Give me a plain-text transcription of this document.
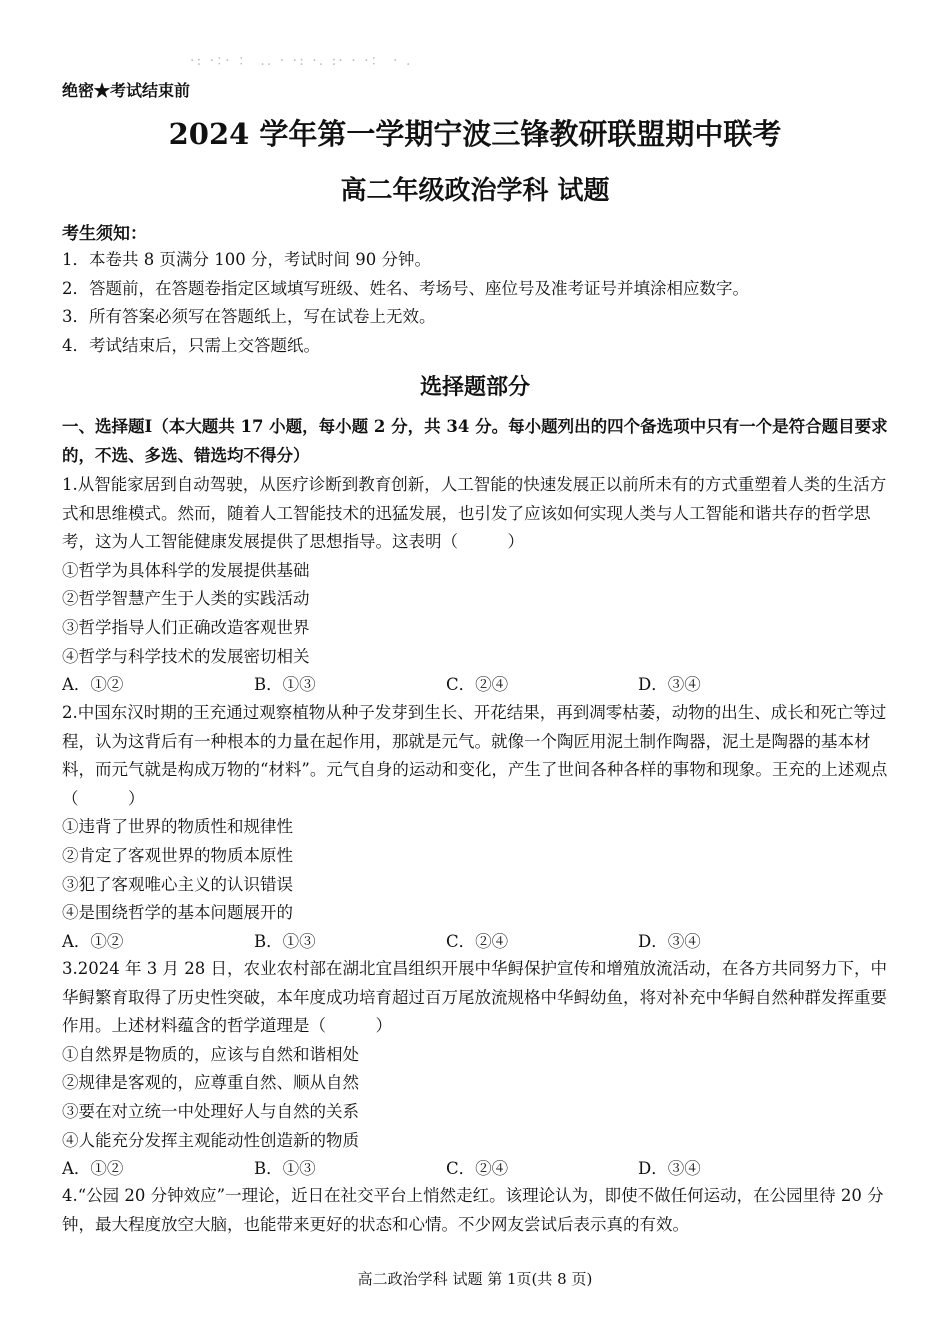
·: ·：· ： .. · ·: ·. :· · ·： · .
绝密★考试结束前
2024 学年第一学期宁波三锋教研联盟期中联考
高二年级政治学科 试题
考生须知：
1．本卷共 8 页满分 100 分，考试时间 90 分钟。
2．答题前，在答题卷指定区域填写班级、姓名、考场号、座位号及准考证号并填涂相应数字。
3．所有答案必须写在答题纸上，写在试卷上无效。
4．考试结束后，只需上交答题纸。
选择题部分
一、选择题Ⅰ（本大题共 17 小题，每小题 2 分，共 34 分。每小题列出的四个备选项中只有一个是符合题目要求的，不选、多选、错选均不得分）

1.从智能家居到自动驾驶，从医疗诊断到教育创新，人工智能的快速发展正以前所未有的方式重塑着人类的生活方式和思维模式。然而，随着人工智能技术的迅猛发展，也引发了应该如何实现人类与人工智能和谐共存的哲学思考，这为人工智能健康发展提供了思想指导。这表明（　　　）

①哲学为具体科学的发展提供基础

②哲学智慧产生于人类的实践活动

③哲学指导人们正确改造客观世界

④哲学与科学技术的发展密切相关

A．①②	B．①③	C．②④	D．③④

2.中国东汉时期的王充通过观察植物从种子发芽到生长、开花结果，再到凋零枯萎，动物的出生、成长和死亡等过程，认为这背后有一种根本的力量在起作用，那就是元气。就像一个陶匠用泥土制作陶器，泥土是陶器的基本材料，而元气就是构成万物的“材料”。元气自身的运动和变化，产生了世间各种各样的事物和现象。王充的上述观点（　　　）

①违背了世界的物质性和规律性

②肯定了客观世界的物质本原性

③犯了客观唯心主义的认识错误

④是围绕哲学的基本问题展开的

A．①②	B．①③	C．②④	D．③④

3.2024 年 3 月 28 日，农业农村部在湖北宜昌组织开展中华鲟保护宣传和增殖放流活动，在各方共同努力下，中华鲟繁育取得了历史性突破，本年度成功培育超过百万尾放流规格中华鲟幼鱼，将对补充中华鲟自然种群发挥重要作用。上述材料蕴含的哲学道理是（　　　）

①自然界是物质的，应该与自然和谐相处

②规律是客观的，应尊重自然、顺从自然

③要在对立统一中处理好人与自然的关系

④人能充分发挥主观能动性创造新的物质

A．①②	B．①③	C．②④	D．③④

4.“公园 20 分钟效应”一理论，近日在社交平台上悄然走红。该理论认为，即使不做任何运动，在公园里待 20 分钟，最大程度放空大脑，也能带来更好的状态和心情。不少网友尝试后表示真的有效。

高二政治学科 试题 第 1页(共 8 页)
